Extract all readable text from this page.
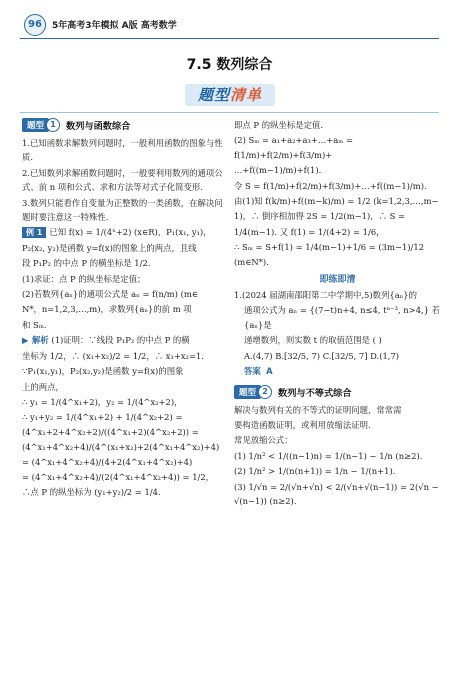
96	5年高考3年模拟 A版 高考数学
7.5 数列综合
题型清单
题型 1	数列与函数综合

1.已知函数求解数列问题时，一般利用函数的图象与性质.

2.已知数列求解函数问题时，一般要利用数列的通项公式、前 n 项和公式、求和方法等对式子化简变形.

3.数列只能看作自变量为正整数的一类函数，在解决问题时要注意这一特殊性.

例 1 已知 f(x) = 1/(4ˣ+2) (x∈R)，P₁(x₁, y₁)，

P₂(x₂, y₂)是函数 y=f(x)的图象上的两点，且线

段 P₁P₂ 的中点 P 的横坐标是 1/2.

(1)求证：点 P 的纵坐标是定值；

(2)若数列{aₙ}的通项公式是 aₙ = f(n/m) (m∈

N*，n=1,2,3,…,m)，求数列{aₙ}的前 m 项

和 Sₘ.

▶ 解析 (1)证明：∵线段 P₁P₂ 的中点 P 的横

坐标为 1/2，∴ (x₁+x₂)/2 = 1/2，∴ x₁+x₂=1.

∵P₁(x₁,y₁)，P₂(x₂,y₂)是函数 y=f(x)的图象

上的两点，

∴ y₁ = 1/(4^x₁+2)，y₂ = 1/(4^x₂+2)，

∴ y₁+y₂ = 1/(4^x₁+2) + 1/(4^x₂+2) = (4^x₁+2+4^x₂+2)/((4^x₁+2)(4^x₂+2)) =

(4^x₁+4^x₂+4)/(4^(x₁+x₂)+2(4^x₁+4^x₂)+4) = (4^x₁+4^x₂+4)/(4+2(4^x₁+4^x₂)+4)

= (4^x₁+4^x₂+4)/(2(4^x₁+4^x₂+4)) = 1/2，

∴点 P 的纵坐标为 (y₁+y₂)/2 = 1/4.

即点 P 的纵坐标是定值.

(2) Sₘ = a₁+a₂+a₃+…+aₘ = f(1/m)+f(2/m)+f(3/m)+

…+f((m−1)/m)+f(1).

令 S = f(1/m)+f(2/m)+f(3/m)+…+f((m−1)/m).

由(1)知 f(k/m)+f((m−k)/m) = 1/2 (k=1,2,3,…,m−

1)，∴ 倒序相加得 2S = 1/2(m−1)，∴ S =

1/4(m−1). 又 f(1) = 1/(4+2) = 1/6，

∴ Sₘ = S+f(1) = 1/4(m−1)+1/6 = (3m−1)/12 (m∈N*).

即练即清

1.(2024 届湖南邵阳第二中学期中,5)数列{aₙ}的

通项公式为 aₙ = {(7−t)n+4, n≤4, tⁿ⁻³, n>4,} 若{aₙ}是

递增数列，则实数 t 的取值范围是 ( )

A.(4,7) B.[32/5, 7) C.[32/5, 7] D.(1,7)

答案 A

题型 2	数列与不等式综合

解决与数列有关的不等式的证明问题，常常需

要构造函数证明，或利用放缩法证明.

常见放缩公式：

(1) 1/n² < 1/((n−1)n) = 1/(n−1) − 1/n (n≥2).

(2) 1/n² > 1/(n(n+1)) = 1/n − 1/(n+1).

(3) 1/√n = 2/(√n+√n) < 2/(√n+√(n−1)) = 2(√n − √(n−1)) (n≥2).
